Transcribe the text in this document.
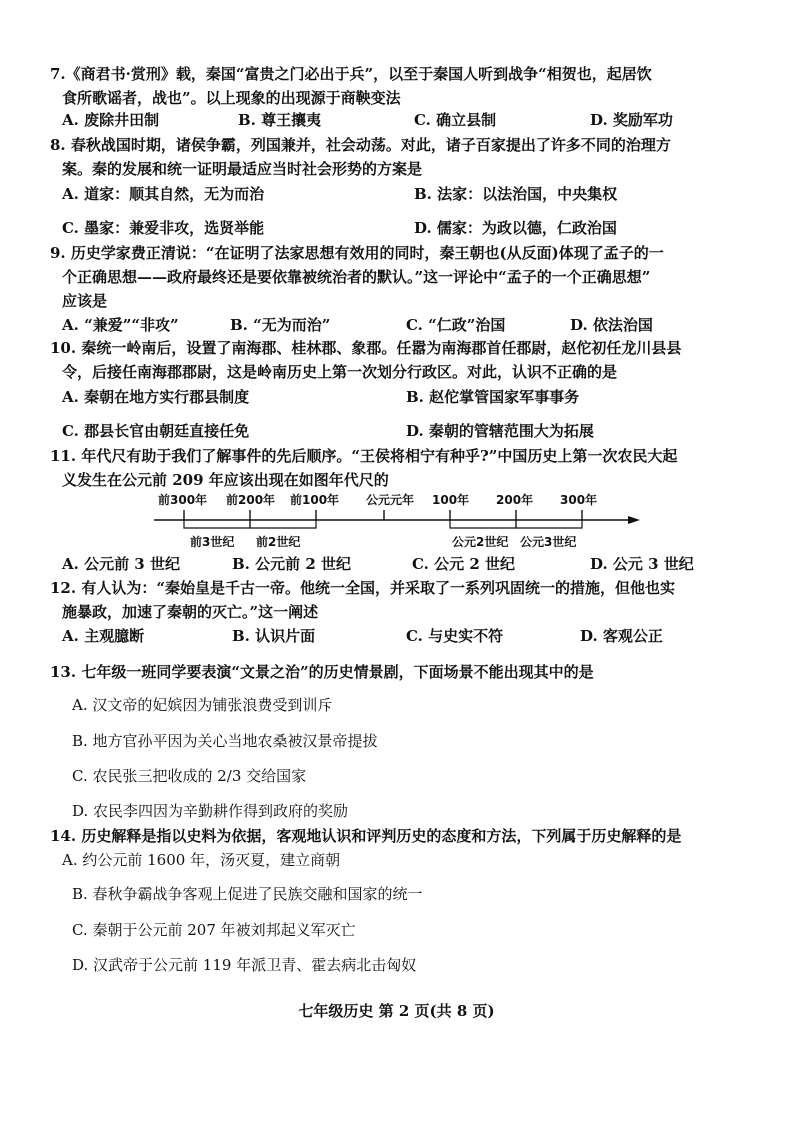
7.《商君书·赏刑》载，秦国“富贵之门必出于兵”，以至于秦国人听到战争“相贺也，起居饮
食所歌谣者，战也”。以上现象的出现源于商鞅变法
A. 废除井田制	B. 尊王攘夷	C. 确立县制	D. 奖励军功
8. 春秋战国时期，诸侯争霸，列国兼并，社会动荡。对此，诸子百家提出了许多不同的治理方
案。秦的发展和统一证明最适应当时社会形势的方案是
A. 道家：顺其自然，无为而治	B. 法家：以法治国，中央集权
C. 墨家：兼爱非攻，选贤举能	D. 儒家：为政以德，仁政治国
9. 历史学家费正清说：“在证明了法家思想有效用的同时，秦王朝也(从反面)体现了孟子的一
个正确思想——政府最终还是要依靠被统治者的默认。”这一评论中“孟子的一个正确思想”
应该是
A. “兼爱”“非攻”	B. “无为而治”	C. “仁政”治国	D. 依法治国
10. 秦统一岭南后，设置了南海郡、桂林郡、象郡。任嚣为南海郡首任郡尉，赵佗初任龙川县县
令，后接任南海郡郡尉，这是岭南历史上第一次划分行政区。对此，认识不正确的是
A. 秦朝在地方实行郡县制度	B. 赵佗掌管国家军事事务
C. 郡县长官由朝廷直接任免	D. 秦朝的管辖范围大为拓展
11. 年代尺有助于我们了解事件的先后顺序。“王侯将相宁有种乎?”中国历史上第一次农民大起
义发生在公元前 209 年应该出现在如图年代尺的
前300年 前200年 前100年 公元元年 100年 200年 300年
前3世纪 前2世纪	公元2世纪 公元3世纪
A. 公元前 3 世纪	B. 公元前 2 世纪	C. 公元 2 世纪	D. 公元 3 世纪
12. 有人认为：“秦始皇是千古一帝。他统一全国，并采取了一系列巩固统一的措施，但他也实
施暴政，加速了秦朝的灭亡。”这一阐述
A. 主观臆断	B. 认识片面	C. 与史实不符	D. 客观公正
13. 七年级一班同学要表演“文景之治”的历史情景剧，下面场景不能出现其中的是
A. 汉文帝的妃嫔因为铺张浪费受到训斥
B. 地方官孙平因为关心当地农桑被汉景帝提拔
C. 农民张三把收成的 2/3 交给国家
D. 农民李四因为辛勤耕作得到政府的奖励
14. 历史解释是指以史料为依据，客观地认识和评判历史的态度和方法，下列属于历史解释的是
A. 约公元前 1600 年，汤灭夏，建立商朝
B. 春秋争霸战争客观上促进了民族交融和国家的统一
C. 秦朝于公元前 207 年被刘邦起义军灭亡
D. 汉武帝于公元前 119 年派卫青、霍去病北击匈奴
七年级历史 第 2 页(共 8 页)
